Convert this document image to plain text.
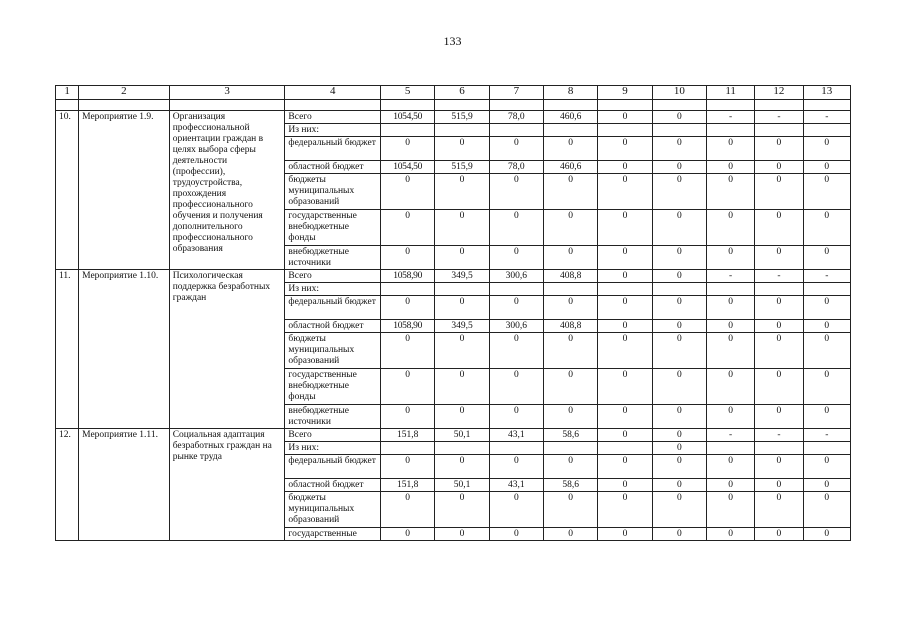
133
1	2	3	4	5	6	7	8	9	10	11	12	13

10.	Мероприятие 1.9.	Организация профессиональной ориентации граждан в целях выбора сферы деятельности (профессии), трудоустройства, прохождения профессионального обучения и получения дополнительного профессионального образования	Всего	1054,50	515,9	78,0	460,6	0	0	-	-	-
			Из них:									
			федеральный бюджет	0	0	0	0	0	0	0	0	0
			областной бюджет	1054,50	515,9	78,0	460,6	0	0	0	0	0
			бюджеты муниципальных образований	0	0	0	0	0	0	0	0	0
			государственные внебюджетные фонды	0	0	0	0	0	0	0	0	0
			внебюджетные источники	0	0	0	0	0	0	0	0	0
11.	Мероприятие 1.10.	Психологическая поддержка безработных граждан	Всего	1058,90	349,5	300,6	408,8	0	0	-	-	-
			Из них:									
			федеральный бюджет	0	0	0	0	0	0	0	0	0
			областной бюджет	1058,90	349,5	300,6	408,8	0	0	0	0	0
			бюджеты муниципальных образований	0	0	0	0	0	0	0	0	0
			государственные внебюджетные фонды	0	0	0	0	0	0	0	0	0
			внебюджетные источники	0	0	0	0	0	0	0	0	0
12.	Мероприятие 1.11.	Социальная адаптация безработных граждан на рынке труда	Всего	151,8	50,1	43,1	58,6	0	0	-	-	-
			Из них:						0			
			федеральный бюджет	0	0	0	0	0	0	0	0	0
			областной бюджет	151,8	50,1	43,1	58,6	0	0	0	0	0
			бюджеты муниципальных образований	0	0	0	0	0	0	0	0	0
			государственные	0	0	0	0	0	0	0	0	0
